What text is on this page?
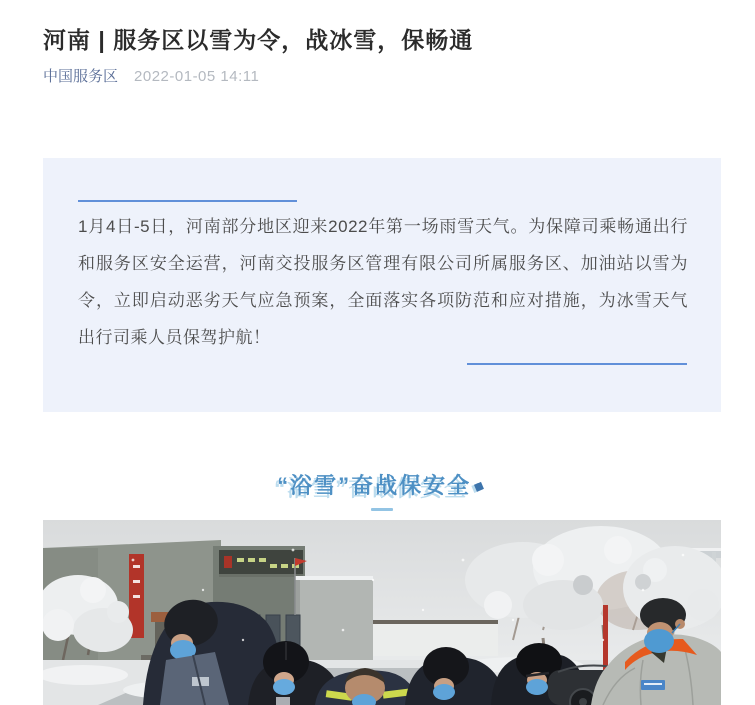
河南 | 服务区以雪为令，战冰雪，保畅通
中国服务区 2022-01-05 14:11

1月4日-5日，河南部分地区迎来2022年第一场雨雪天气。为保障司乘畅通出行和服务区安全运营，河南交投服务区管理有限公司所属服务区、加油站以雪为令，立即启动恶劣天气应急预案，全面落实各项防范和应对措施，为冰雪天气出行司乘人员保驾护航！

“浴雪”奋战保安全◆
